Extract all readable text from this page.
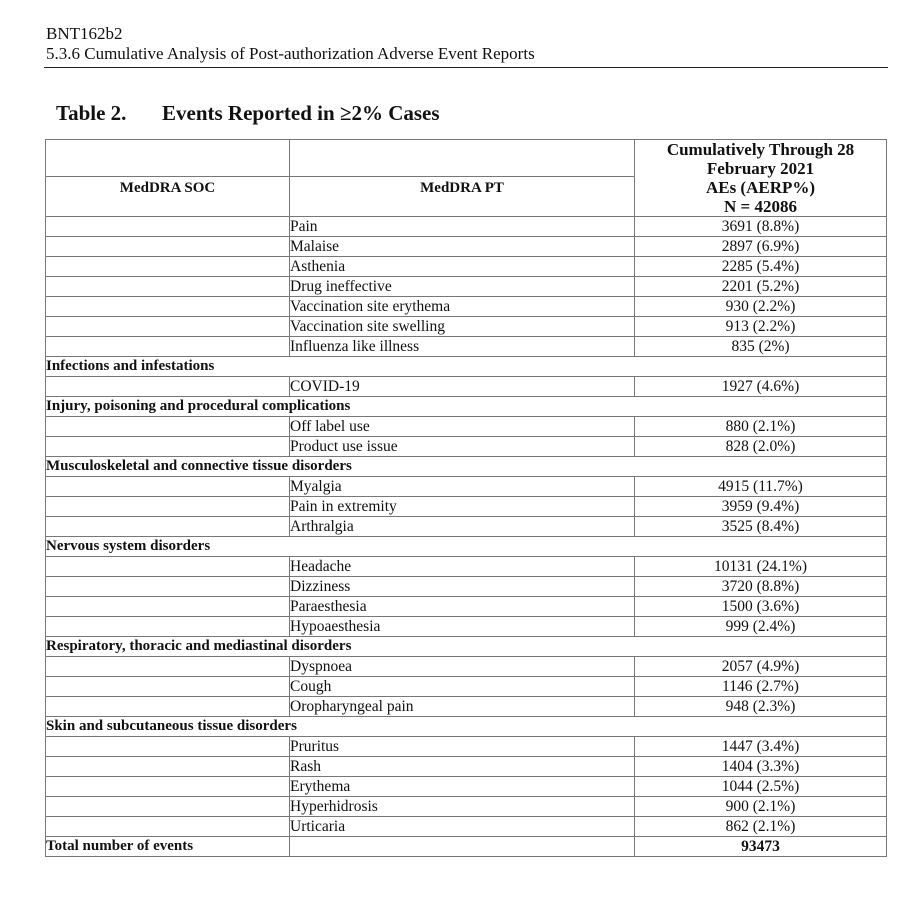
BNT162b2
5.3.6 Cumulative Analysis of Post-authorization Adverse Event Reports
Table 2. Events Reported in ≥2% Cases

		Cumulatively Through 28
February 2021
AEs (AERP%)
N = 42086

MedDRA SOC	MedDRA PT	
	Pain	3691 (8.8%)
	Malaise	2897 (6.9%)
	Asthenia	2285 (5.4%)
	Drug ineffective	2201 (5.2%)
	Vaccination site erythema	930 (2.2%)
	Vaccination site swelling	913 (2.2%)
	Influenza like illness	835 (2%)
Infections and infestations		
	COVID-19	1927 (4.6%)
Injury, poisoning and procedural complications		
	Off label use	880 (2.1%)
	Product use issue	828 (2.0%)
Musculoskeletal and connective tissue disorders		
	Myalgia	4915 (11.7%)
	Pain in extremity	3959 (9.4%)
	Arthralgia	3525 (8.4%)
Nervous system disorders		
	Headache	10131 (24.1%)
	Dizziness	3720 (8.8%)
	Paraesthesia	1500 (3.6%)
	Hypoaesthesia	999 (2.4%)
Respiratory, thoracic and mediastinal disorders		
	Dyspnoea	2057 (4.9%)
	Cough	1146 (2.7%)
	Oropharyngeal pain	948 (2.3%)
Skin and subcutaneous tissue disorders		
	Pruritus	1447 (3.4%)
	Rash	1404 (3.3%)
	Erythema	1044 (2.5%)
	Hyperhidrosis	900 (2.1%)
	Urticaria	862 (2.1%)
Total number of events		93473
